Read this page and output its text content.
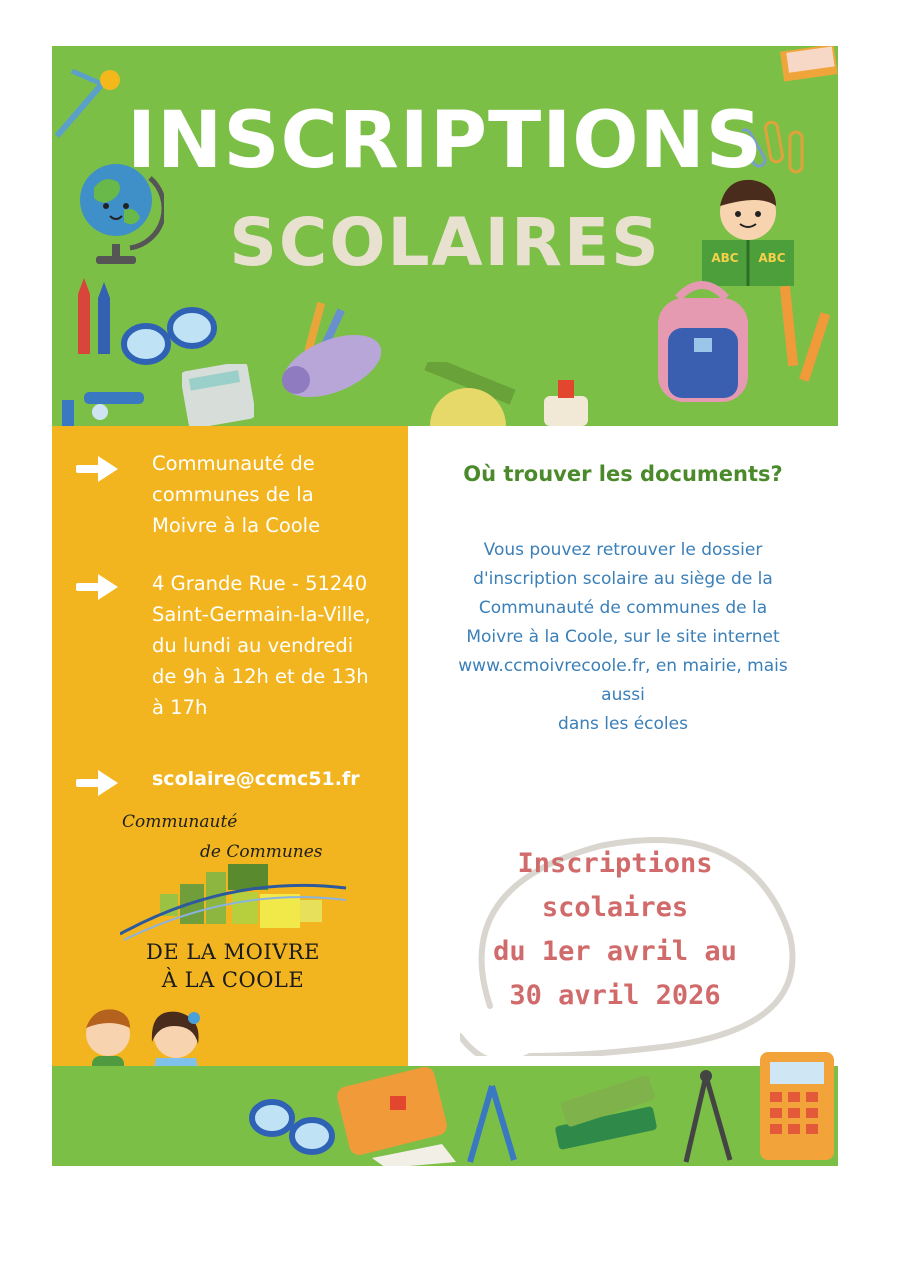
ABC ABC
INSCRIPTIONS
SCOLAIRES
Communauté de
communes de la
Moivre à la Coole
4 Grande Rue - 51240
Saint-Germain-la-Ville,
du lundi au vendredi
de 9h à 12h et de 13h
à 17h
scolaire@ccmc51.fr
Communauté
de Communes
DE LA MOIVRE
À LA COOLE
Où trouver les documents?
Vous pouvez retrouver le dossier
d'inscription scolaire au siège de la
Communauté de communes de la
Moivre à la Coole, sur le site internet
www.ccmoivrecoole.fr, en mairie, mais
aussi
dans les écoles
Inscriptions
scolaires
du 1er avril au
30 avril 2026
